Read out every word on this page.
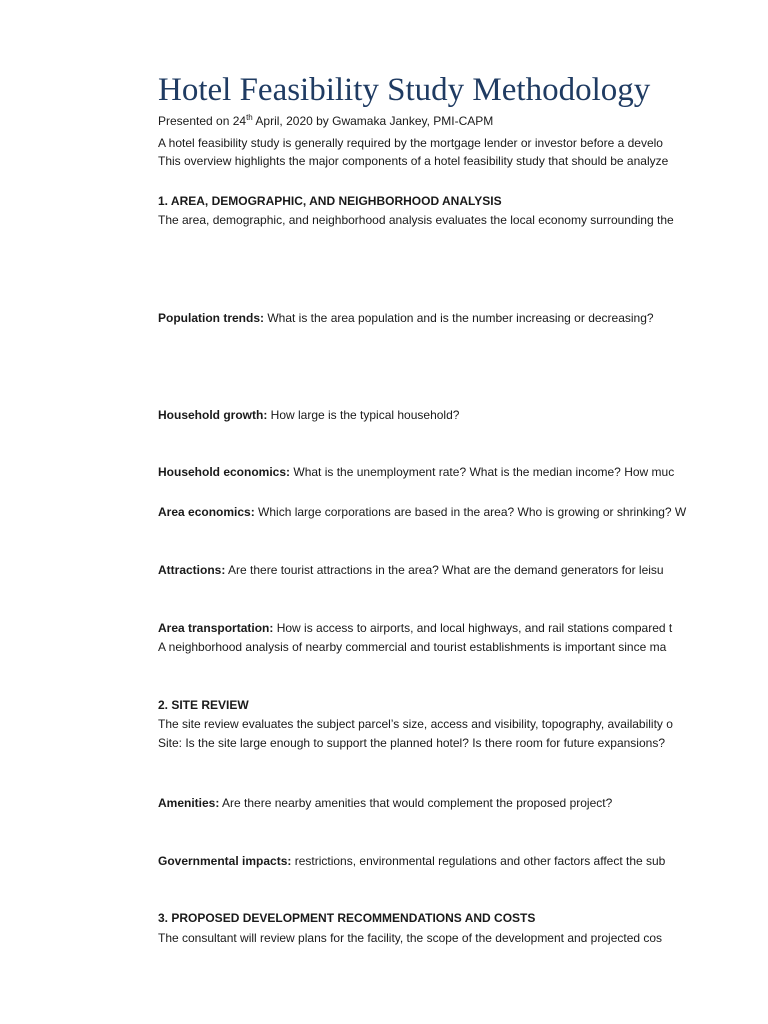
Hotel Feasibility Study Methodology
Presented on 24th April, 2020 by Gwamaka Jankey, PMI-CAPM
A hotel feasibility study is generally required by the mortgage lender or investor before a develo
This overview highlights the major components of a hotel feasibility study that should be analyze
1. AREA, DEMOGRAPHIC, AND NEIGHBORHOOD ANALYSIS
The area, demographic, and neighborhood analysis evaluates the local economy surrounding the
Population trends: What is the area population and is the number increasing or decreasing?
Household growth: How large is the typical household?
Household economics: What is the unemployment rate? What is the median income? How muc
Area economics: Which large corporations are based in the area? Who is growing or shrinking? W
Attractions: Are there tourist attractions in the area? What are the demand generators for leisu
Area transportation: How is access to airports, and local highways, and rail stations compared t
A neighborhood analysis of nearby commercial and tourist establishments is important since ma
2. SITE REVIEW
The site review evaluates the subject parcel’s size, access and visibility, topography, availability o
Site: Is the site large enough to support the planned hotel? Is there room for future expansions?
Amenities: Are there nearby amenities that would complement the proposed project?
Governmental impacts: restrictions, environmental regulations and other factors affect the sub
3. PROPOSED DEVELOPMENT RECOMMENDATIONS AND COSTS
The consultant will review plans for the facility, the scope of the development and projected cos
